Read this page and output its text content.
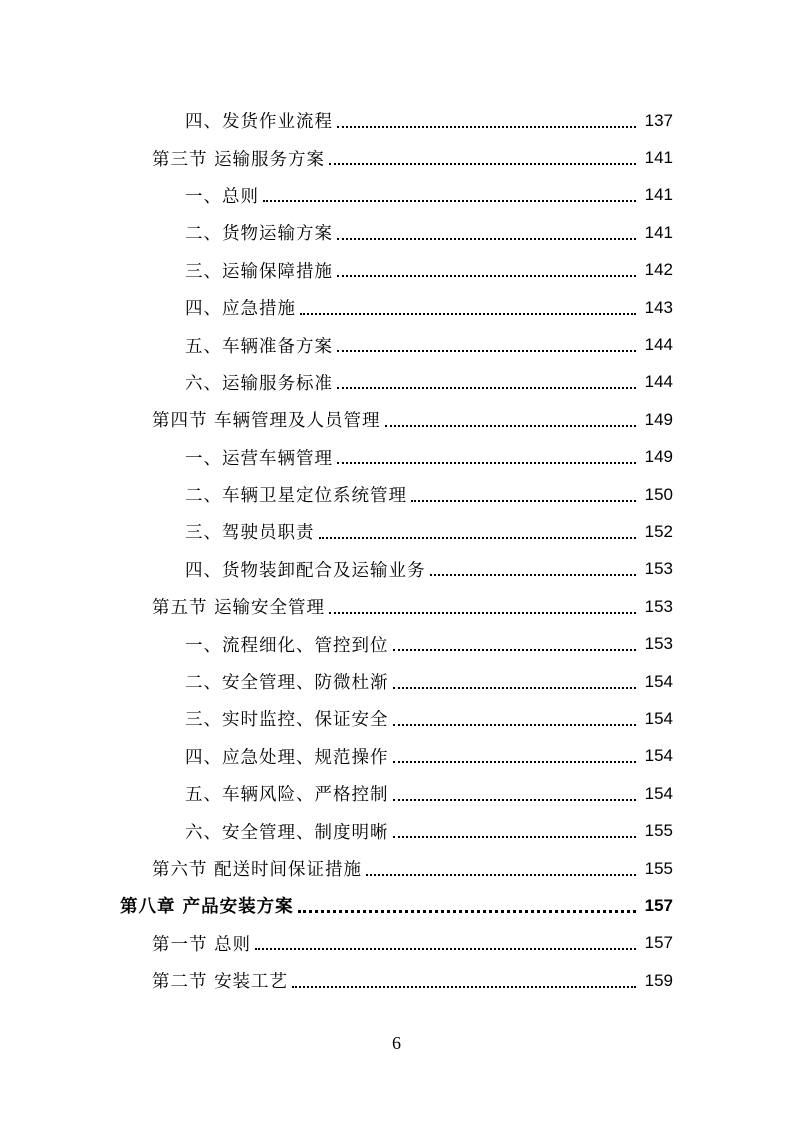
四、发货作业流程	137
第三节 运输服务方案	141
一、总则	141
二、货物运输方案	141
三、运输保障措施	142
四、应急措施	143
五、车辆准备方案	144
六、运输服务标准	144
第四节 车辆管理及人员管理	149
一、运营车辆管理	149
二、车辆卫星定位系统管理	150
三、驾驶员职责	152
四、货物装卸配合及运输业务	153
第五节 运输安全管理	153
一、流程细化、管控到位	153
二、安全管理、防微杜渐	154
三、实时监控、保证安全	154
四、应急处理、规范操作	154
五、车辆风险、严格控制	154
六、安全管理、制度明晰	155
第六节 配送时间保证措施	155
第八章 产品安装方案	157
第一节 总则	157
第二节 安装工艺	159
6
